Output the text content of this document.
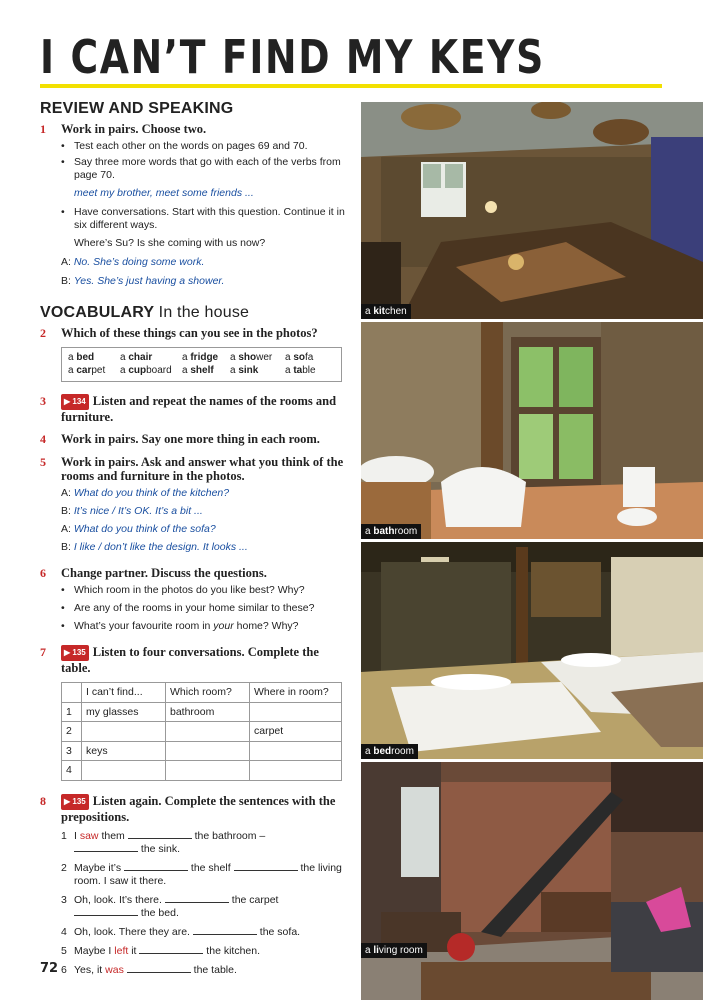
I CAN’T FIND MY KEYS
REVIEW AND SPEAKING
1	Work in pairs. Choose two.
• Test each other on the words on pages 69 and 70.
• Say three more words that go with each of the verbs from page 70.
meet my brother, meet some friends ...
• Have conversations. Start with this question. Continue it in six different ways.
Where’s Su? Is she coming with us now?
A: No. She’s doing some work.
B: Yes. She’s just having a shower.
VOCABULARY In the house
2	Which of these things can you see in the photos?
a bed	a chair	a fridge	a shower	a sofa
a carpet	a cupboard	a shelf	a sink	a table
3	▶ 134 Listen and repeat the names of the rooms and furniture.
4	Work in pairs. Say one more thing in each room.
5	Work in pairs. Ask and answer what you think of the rooms and furniture in the photos.
A: What do you think of the kitchen?
B: It’s nice / It’s OK. It’s a bit ...
A: What do you think of the sofa?
B: I like / don’t like the design. It looks ...
6	Change partner. Discuss the questions.
• Which room in the photos do you like best? Why?
• Are any of the rooms in your home similar to these?
• What’s your favourite room in your home? Why?
7	▶ 135 Listen to four conversations. Complete the table.
	I can’t find...	Which room?	Where in room?
1	my glasses	bathroom	
2			carpet
3	keys		
4			
8	▶ 135 Listen again. Complete the sentences with the prepositions.
1 I saw them	the bathroom –
the sink.
2 Maybe it’s	the shelf	the living room. I saw it there.
3 Oh, look. It’s there.	the carpet
the bed.
4 Oh, look. There they are.	the sofa.
5 Maybe I left it	the kitchen.
6 Yes, it was	the table.
72
a kitchen
a bathroom
a bedroom
a living room
